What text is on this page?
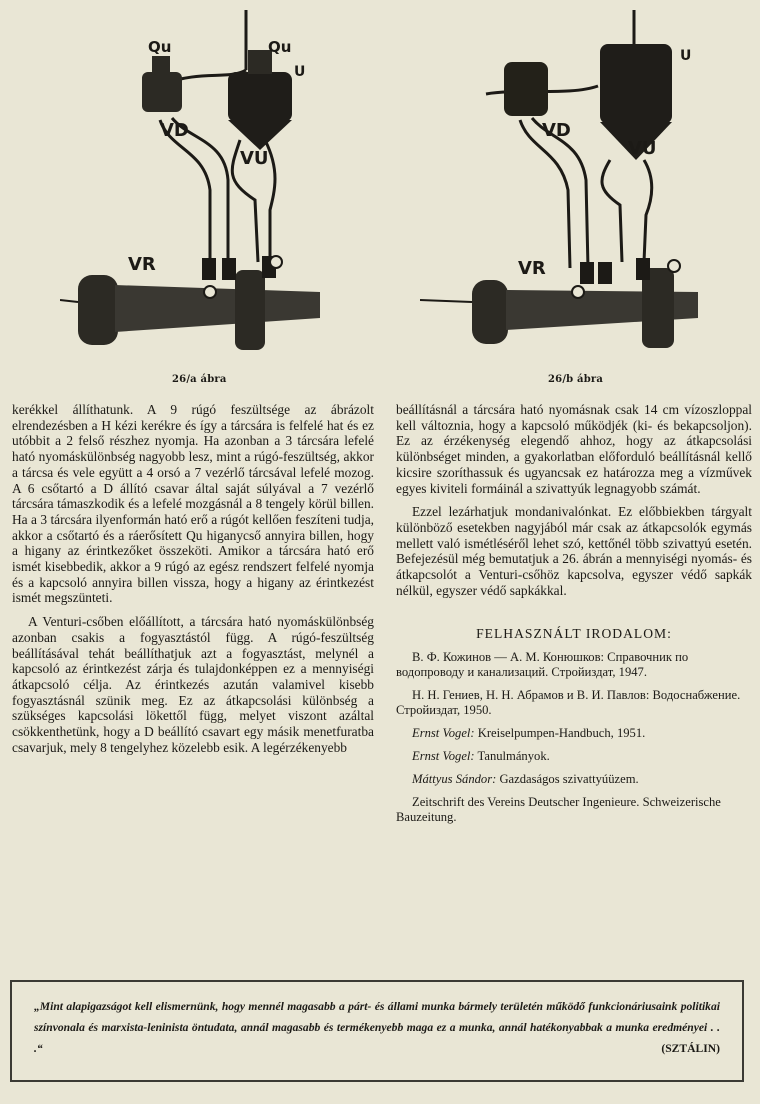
Qu	Qu
U
VD
VU
VR
26/a ábra
U
VD
VU
VR
26/b ábra

kerékkel állíthatunk. A 9 rúgó feszültsége az ábrázolt elrendezésben a H kézi kerékre és így a tárcsára is felfelé hat és ez utóbbit a 2 felső részhez nyomja. Ha azonban a 3 tárcsára lefelé ható nyomáskülönbség nagyobb lesz, mint a rúgó-feszültség, akkor a tárcsa és vele együtt a 4 orsó a 7 vezérlő tárcsával lefelé mozog. A 6 csőtartó a D állító csavar által saját súlyával a 7 vezérlő tárcsára támaszkodik és a lefelé mozgásnál a 8 tengely körül billen. Ha a 3 tárcsára ilyenformán ható erő a rúgót kellően feszíteni tudja, akkor a csőtartó és a ráerősített Qu higanycső annyira billen, hogy a higany az érintkezőket összeköti. Amikor a tárcsára ható erő ismét kisebbedik, akkor a 9 rúgó az egész rendszert felfelé nyomja és a kapcsoló annyira billen vissza, hogy a higany az érintkezést ismét megszünteti.

A Venturi-csőben előállított, a tárcsára ható nyomáskülönbség azonban csakis a fogyasztástól függ. A rúgó-feszültség beállításával tehát beállíthatjuk azt a fogyasztást, melynél a kapcsoló az érintkezést zárja és tulajdonképpen ez a mennyiségi átkapcsoló célja. Az érintkezés azután valamivel kisebb fogyasztásnál szünik meg. Ez az átkapcsolási különbség a szükséges kapcsolási lökettől függ, melyet viszont azáltal csökkenthetünk, hogy a D beállító csavart egy másik menetfuratba csavarjuk, mely 8 tengelyhez közelebb esik. A legérzékenyebb

beállításnál a tárcsára ható nyomásnak csak 14 cm vízoszloppal kell változnia, hogy a kapcsoló működjék (ki- és bekapcsoljon). Ez az érzékenység elegendő ahhoz, hogy az átkapcsolási különbséget minden, a gyakorlatban előforduló beállításnál kellő kicsire szoríthassuk és ugyancsak ez határozza meg a vízművek egyes kiviteli formáinál a szivattyúk legnagyobb számát.

Ezzel lezárhatjuk mondanivalónkat. Ez előbbiekben tárgyalt különböző esetekben nagyjából már csak az átkapcsolók egymás mellett való ismétléséről lehet szó, kettőnél több szivattyú esetén. Befejezésül még bemutatjuk a 26. ábrán a mennyiségi nyomás- és átkapcsolót a Venturi-csőhöz kapcsolva, egyszer védő sapkák nélkül, egyszer védő sapkákkal.

FELHASZNÁLT IRODALOM:

В. Ф. Кожинов — А. М. Конюшков: Справочник по водопроводу и канализаций. Стройиздат, 1947.

Н. Н. Гениев, Н. Н. Абрамов и В. И. Павлов: Водоснабжение. Стройиздат, 1950.

Ernst Vogel: Kreiselpumpen-Handbuch, 1951.

Ernst Vogel: Tanulmányok.

Máttyus Sándor: Gazdaságos szivattyúüzem.

Zeitschrift des Vereins Deutscher Ingenieure. Schweizerische Bauzeitung.

„Mint alapigazságot kell elismernünk, hogy mennél magasabb a párt- és állami munka bármely területén működő funkcionáriusaink politikai színvonala és marxista-leninista öntudata, annál magasabb és termékenyebb maga ez a munka, annál hatékonyabbak a munka eredményei . . .“	(SZTÁLIN)
